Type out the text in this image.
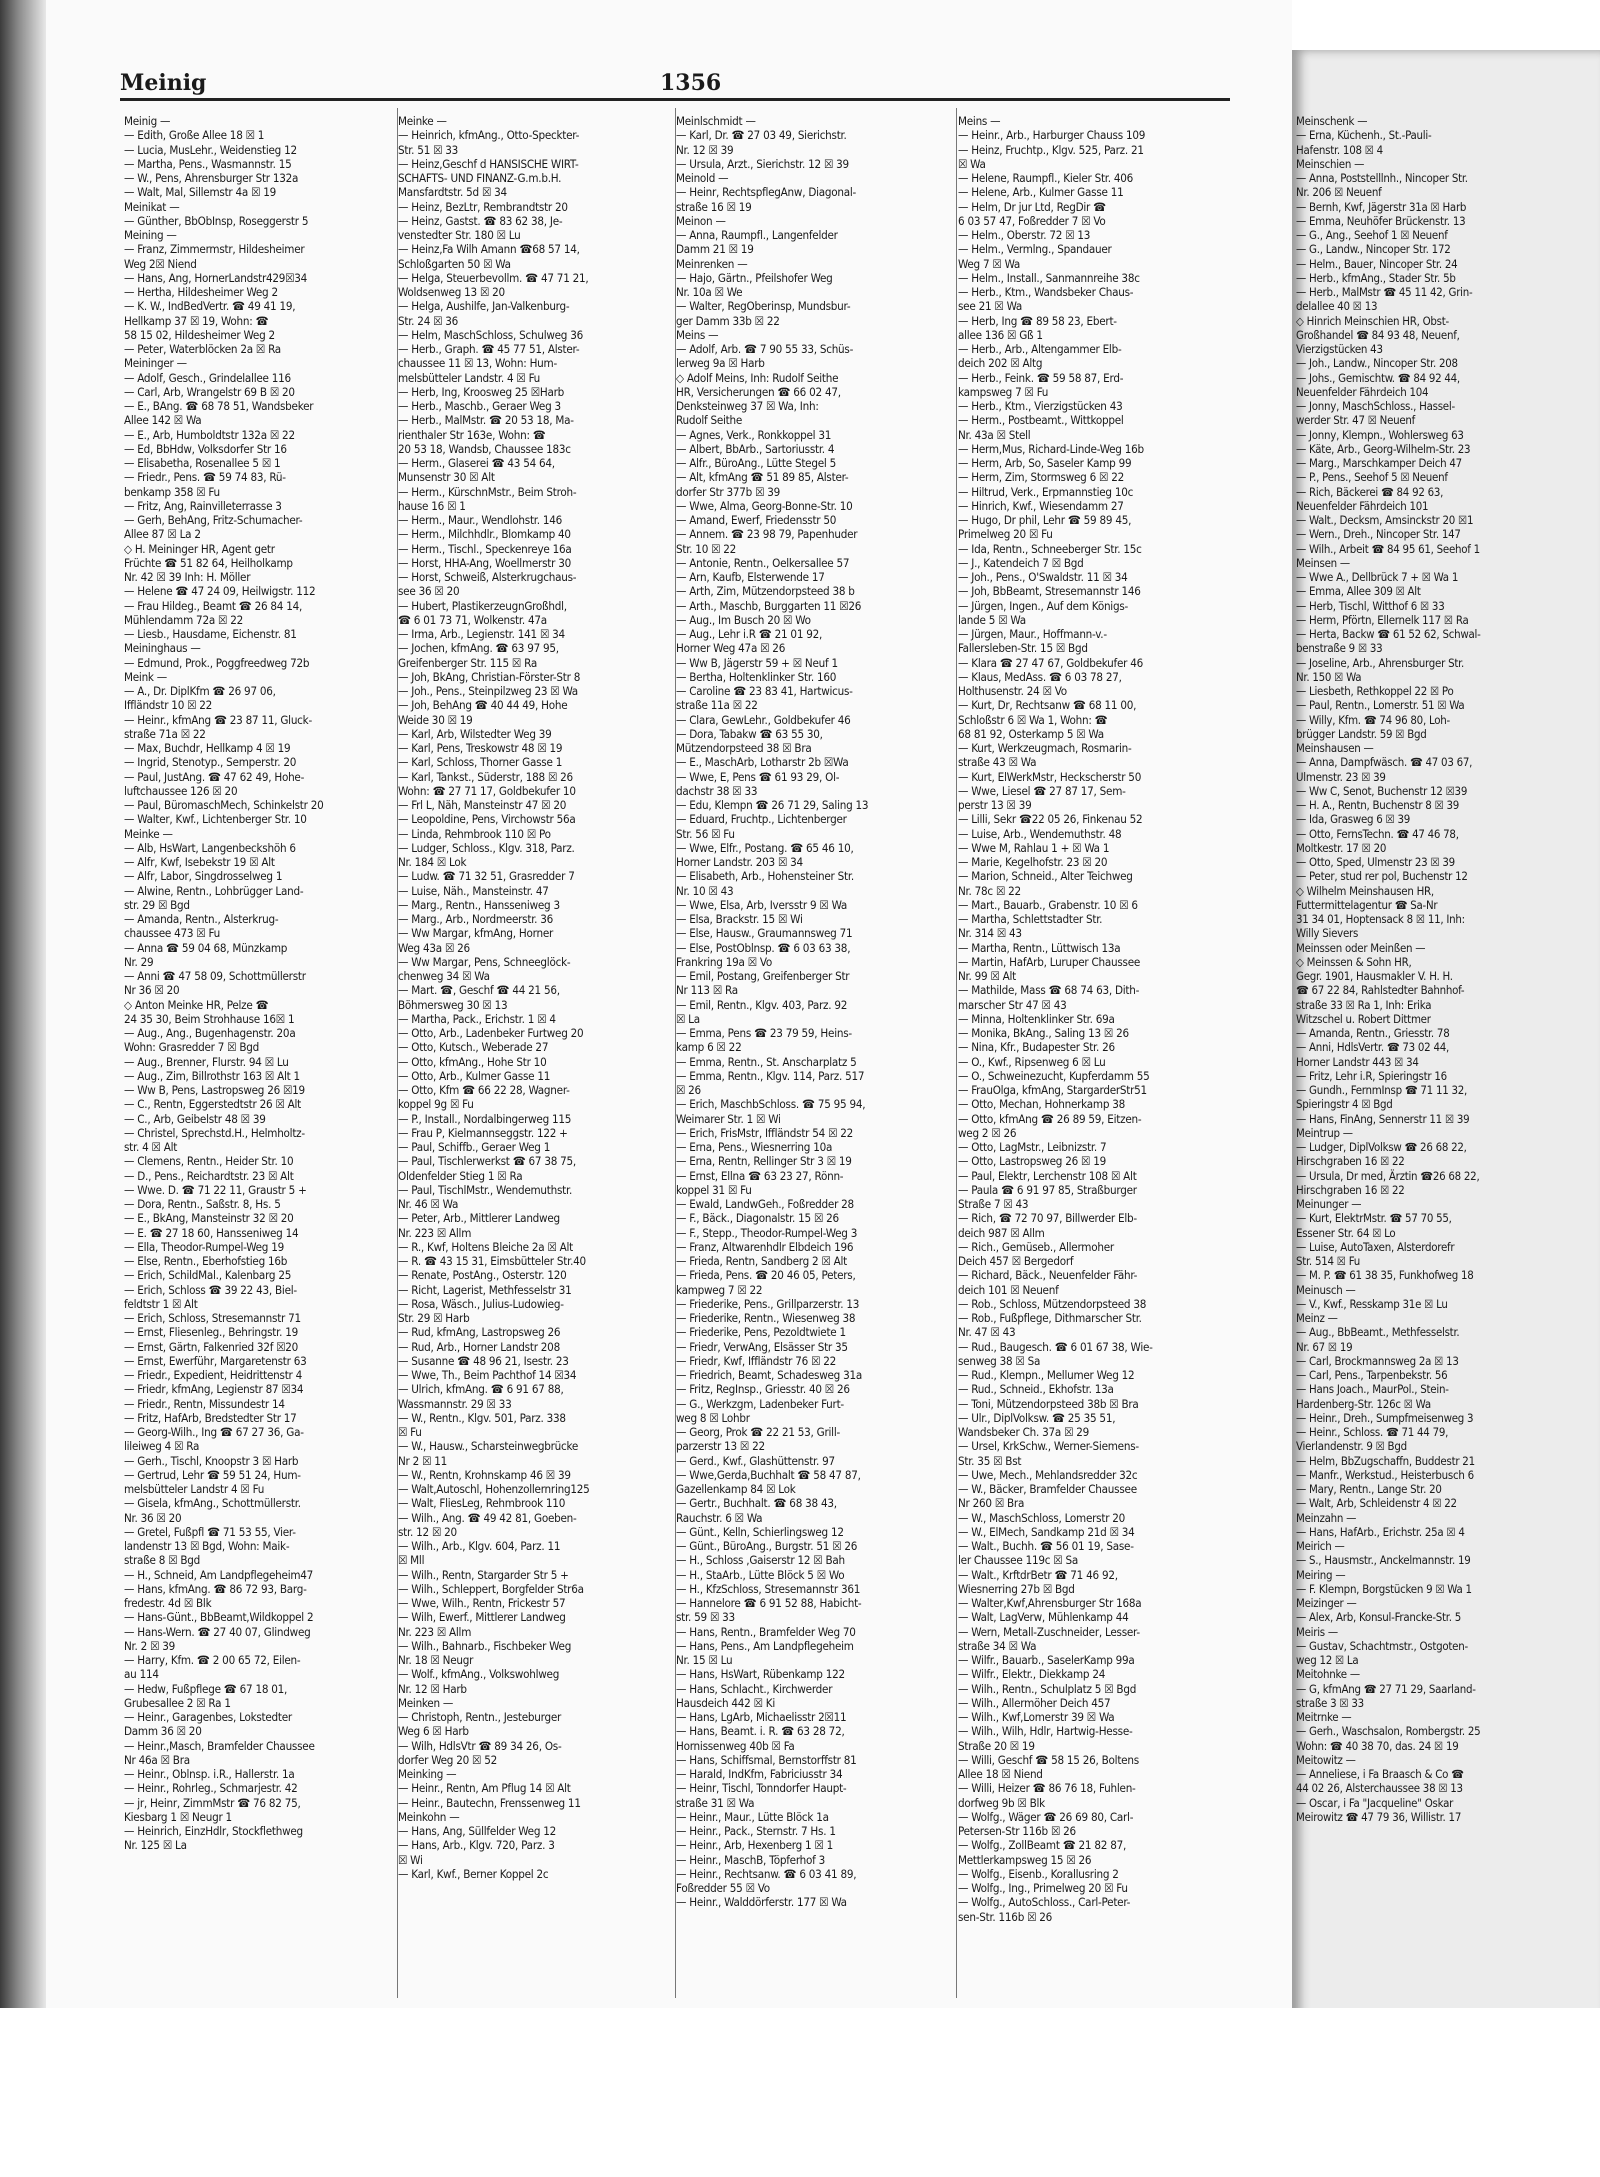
Meinig	1356
Meinig —
— Edith, Große Allee 18 ☒ 1
— Lucia, MusLehr., Weidenstieg 12
— Martha, Pens., Wasmannstr. 15
— W., Pens, Ahrensburger Str 132a
— Walt, Mal, Sillemstr 4a ☒ 19
Meinikat —
— Günther, BbObInsp, Roseggerstr 5
Meining —
— Franz, Zimmermstr, Hildesheimer
Weg 2☒ Niend
— Hans, Ang, HornerLandstr429☒34
— Hertha, Hildesheimer Weg 2
— K. W., IndBedVertr. ☎ 49 41 19,
Hellkamp 37 ☒ 19, Wohn: ☎
58 15 02, Hildesheimer Weg 2
— Peter, Waterblöcken 2a ☒ Ra
Meininger —
— Adolf, Gesch., Grindelallee 116
— Carl, Arb, Wrangelstr 69 B ☒ 20
— E., BAng. ☎ 68 78 51, Wandsbeker
Allee 142 ☒ Wa
— E., Arb, Humboldtstr 132a ☒ 22
— Ed, BbHdw, Volksdorfer Str 16
— Elisabetha, Rosenallee 5 ☒ 1
— Friedr., Pens. ☎ 59 74 83, Rü-
benkamp 358 ☒ Fu
— Fritz, Ang, Rainvilleterrasse 3
— Gerh, BehAng, Fritz-Schumacher-
Allee 87 ☒ La 2
◇ H. Meininger HR, Agent getr
Früchte ☎ 51 82 64, Heilholkamp
Nr. 42 ☒ 39 Inh: H. Möller
— Helene ☎ 47 24 09, Heilwigstr. 112
— Frau Hildeg., Beamt ☎ 26 84 14,
Mühlendamm 72a ☒ 22
— Liesb., Hausdame, Eichenstr. 81
Meininghaus —
— Edmund, Prok., Poggfreedweg 72b
Meink —
— A., Dr. DiplKfm ☎ 26 97 06,
Iffländstr 10 ☒ 22
— Heinr., kfmAng ☎ 23 87 11, Gluck-
straße 71a ☒ 22
— Max, Buchdr, Hellkamp 4 ☒ 19
— Ingrid, Stenotyp., Semperstr. 20
— Paul, JustAng. ☎ 47 62 49, Hohe-
luftchaussee 126 ☒ 20
— Paul, BüromaschMech, Schinkelstr 20
— Walter, Kwf., Lichtenberger Str. 10
Meinke —
— Alb, HsWart, Langenbeckshöh 6
— Alfr, Kwf, Isebekstr 19 ☒ Alt
— Alfr, Labor, Singdrosselweg 1
— Alwine, Rentn., Lohbrügger Land-
str. 29 ☒ Bgd
— Amanda, Rentn., Alsterkrug-
chaussee 473 ☒ Fu
— Anna ☎ 59 04 68, Münzkamp
Nr. 29
— Anni ☎ 47 58 09, Schottmüllerstr
Nr 36 ☒ 20
◇ Anton Meinke HR, Pelze ☎
24 35 30, Beim Strohhause 16☒ 1
— Aug., Ang., Bugenhagenstr. 20a
Wohn: Grasredder 7 ☒ Bgd
— Aug., Brenner, Flurstr. 94 ☒ Lu
— Aug., Zim, Billrothstr 163 ☒ Alt 1
— Ww B, Pens, Lastropsweg 26 ☒19
— C., Rentn, Eggerstedtstr 26 ☒ Alt
— C., Arb, Geibelstr 48 ☒ 39
— Christel, Sprechstd.H., Helmholtz-
str. 4 ☒ Alt
— Clemens, Rentn., Heider Str. 10
— D., Pens., Reichardtstr. 23 ☒ Alt
— Wwe. D. ☎ 71 22 11, Graustr 5 +
— Dora, Rentn., Saßstr. 8, Hs. 5
— E., BkAng, Mansteinstr 32 ☒ 20
— E. ☎ 27 18 60, Hansseniweg 14
— Ella, Theodor-Rumpel-Weg 19
— Else, Rentn., Eberhofstieg 16b
— Erich, SchildMal., Kalenbarg 25
— Erich, Schloss ☎ 39 22 43, Biel-
feldtstr 1 ☒ Alt
— Erich, Schloss, Stresemannstr 71
— Ernst, Fliesenleg., Behringstr. 19
— Ernst, Gärtn, Falkenried 32f ☒20
— Ernst, Ewerführ, Margaretenstr 63
— Friedr., Expedient, Heidrittenstr 4
— Friedr, kfmAng, Legienstr 87 ☒34
— Friedr., Rentn, Missundestr 14
— Fritz, HafArb, Bredstedter Str 17
— Georg-Wilh., Ing ☎ 67 27 36, Ga-
lileiweg 4 ☒ Ra
— Gerh., Tischl, Knoopstr 3 ☒ Harb
— Gertrud, Lehr ☎ 59 51 24, Hum-
melsbütteler Landstr 4 ☒ Fu
— Gisela, kfmAng., Schottmüllerstr.
Nr. 36 ☒ 20
— Gretel, Fußpfl ☎ 71 53 55, Vier-
landenstr 13 ☒ Bgd, Wohn: Maik-
straße 8 ☒ Bgd
— H., Schneid, Am Landpflegeheim47
— Hans, kfmAng. ☎ 86 72 93, Barg-
fredestr. 4d ☒ Blk
— Hans-Günt., BbBeamt,Wildkoppel 2
— Hans-Wern. ☎ 27 40 07, Glindweg
Nr. 2 ☒ 39
— Harry, Kfm. ☎ 2 00 65 72, Eilen-
au 114
— Hedw, Fußpflege ☎ 67 18 01,
Grubesallee 2 ☒ Ra 1
— Heinr., Garagenbes, Lokstedter
Damm 36 ☒ 20
— Heinr.,Masch, Bramfelder Chaussee
Nr 46a ☒ Bra
— Heinr., Oblnsp. i.R., Hallerstr. 1a
— Heinr., Rohrleg., Schmarjestr. 42
— jr, Heinr, ZimmMstr ☎ 76 82 75,
Kiesbarg 1 ☒ Neugr 1
— Heinrich, EinzHdlr, Stockflethweg
Nr. 125 ☒ La
Meinke —
— Heinrich, kfmAng., Otto-Speckter-
Str. 51 ☒ 33
— Heinz,Geschf d HANSISCHE WIRT-
SCHAFTS- UND FINANZ-G.m.b.H.
Mansfardtstr. 5d ☒ 34
— Heinz, BezLtr, Rembrandtstr 20
— Heinz, Gastst. ☎ 83 62 38, Je-
venstedter Str. 180 ☒ Lu
— Heinz,Fa Wilh Amann ☎68 57 14,
Schloßgarten 50 ☒ Wa
— Helga, Steuerbevollm. ☎ 47 71 21,
Woldsenweg 13 ☒ 20
— Helga, Aushilfe, Jan-Valkenburg-
Str. 24 ☒ 36
— Helm, MaschSchloss, Schulweg 36
— Herb., Graph. ☎ 45 77 51, Alster-
chaussee 11 ☒ 13, Wohn: Hum-
melsbütteler Landstr. 4 ☒ Fu
— Herb, Ing, Kroosweg 25 ☒Harb
— Herb., Maschb., Geraer Weg 3
— Herb., MalMstr. ☎ 20 53 18, Ma-
rienthaler Str 163e, Wohn: ☎
20 53 18, Wandsb, Chaussee 183c
— Herm., Glaserei ☎ 43 54 64,
Munsenstr 30 ☒ Alt
— Herm., KürschnMstr., Beim Stroh-
hause 16 ☒ 1
— Herm., Maur., Wendlohstr. 146
— Herm., Milchhdlr., Blomkamp 40
— Herm., Tischl., Speckenreye 16a
— Horst, HHA-Ang, Woellmerstr 30
— Horst, Schweiß, Alsterkrugchaus-
see 36 ☒ 20
— Hubert, PlastikerzeugnGroßhdl,
☎ 6 01 73 71, Wolkenstr. 47a
— Irma, Arb., Legienstr. 141 ☒ 34
— Jochen, kfmAng. ☎ 63 97 95,
Greifenberger Str. 115 ☒ Ra
— Joh, BkAng, Christian-Förster-Str 8
— Joh., Pens., Steinpilzweg 23 ☒ Wa
— Joh, BehAng ☎ 40 44 49, Hohe
Weide 30 ☒ 19
— Karl, Arb, Wilstedter Weg 39
— Karl, Pens, Treskowstr 48 ☒ 19
— Karl, Schloss, Thorner Gasse 1
— Karl, Tankst., Süderstr, 188 ☒ 26
Wohn: ☎ 27 71 17, Goldbekufer 10
— Frl L, Näh, Mansteinstr 47 ☒ 20
— Leopoldine, Pens, Virchowstr 56a
— Linda, Rehmbrook 110 ☒ Po
— Ludger, Schloss., Klgv. 318, Parz.
Nr. 184 ☒ Lok
— Ludw. ☎ 71 32 51, Grasredder 7
— Luise, Näh., Mansteinstr. 47
— Marg., Rentn., Hansseniweg 3
— Marg., Arb., Nordmeerstr. 36
— Ww Margar, kfmAng, Horner
Weg 43a ☒ 26
— Ww Margar, Pens, Schneeglöck-
chenweg 34 ☒ Wa
— Mart. ☎, Geschf ☎ 44 21 56,
Böhmersweg 30 ☒ 13
— Martha, Pack., Erichstr. 1 ☒ 4
— Otto, Arb., Ladenbeker Furtweg 20
— Otto, Kutsch., Weberade 27
— Otto, kfmAng., Hohe Str 10
— Otto, Arb., Kulmer Gasse 11
— Otto, Kfm ☎ 66 22 28, Wagner-
koppel 9g ☒ Fu
— P., Install., Nordalbingerweg 115
— Frau P, Kielmannseggstr. 122 +
— Paul, Schiffb., Geraer Weg 1
— Paul, Tischlerwerkst ☎ 67 38 75,
Oldenfelder Stieg 1 ☒ Ra
— Paul, TischlMstr., Wendemuthstr.
Nr. 46 ☒ Wa
— Peter, Arb., Mittlerer Landweg
Nr. 223 ☒ Allm
— R., Kwf, Holtens Bleiche 2a ☒ Alt
— R. ☎ 43 15 31, Eimsbütteler Str.40
— Renate, PostAng., Osterstr. 120
— Richt, Lagerist, Methfesselstr 31
— Rosa, Wäsch., Julius-Ludowieg-
Str. 29 ☒ Harb
— Rud, kfmAng, Lastropsweg 26
— Rud, Arb., Horner Landstr 208
— Susanne ☎ 48 96 21, Isestr. 23
— Wwe, Th., Beim Pachthof 14 ☒34
— Ulrich, kfmAng. ☎ 6 91 67 88,
Wassmannstr. 29 ☒ 33
— W., Rentn., Klgv. 501, Parz. 338
☒ Fu
— W., Hausw., Scharsteinwegbrücke
Nr 2 ☒ 11
— W., Rentn, Krohnskamp 46 ☒ 39
— Walt,Autoschl, Hohenzollernring125
— Walt, FliesLeg, Rehmbrook 110
— Wilh., Ang. ☎ 49 42 81, Goeben-
str. 12 ☒ 20
— Wilh., Arb., Klgv. 604, Parz. 11
☒ Mll
— Wilh., Rentn, Stargarder Str 5 +
— Wilh., Schleppert, Borgfelder Str6a
— Wwe, Wilh., Rentn, Frickestr 57
— Wilh, Ewerf., Mittlerer Landweg
Nr. 223 ☒ Allm
— Wilh., Bahnarb., Fischbeker Weg
Nr. 18 ☒ Neugr
— Wolf., kfmAng., Volkswohlweg
Nr. 12 ☒ Harb
Meinken —
— Christoph, Rentn., Jesteburger
Weg 6 ☒ Harb
— Wilh, HdlsVtr ☎ 89 34 26, Os-
dorfer Weg 20 ☒ 52
Meinking —
— Heinr., Rentn, Am Pflug 14 ☒ Alt
— Heinr., Bautechn, Frenssenweg 11
Meinkohn —
— Hans, Ang, Süllfelder Weg 12
— Hans, Arb., Klgv. 720, Parz. 3
☒ Wi
— Karl, Kwf., Berner Koppel 2c
Meinlschmidt —
— Karl, Dr. ☎ 27 03 49, Sierichstr.
Nr. 12 ☒ 39
— Ursula, Arzt., Sierichstr. 12 ☒ 39
Meinold —
— Heinr, RechtspflegAnw, Diagonal-
straße 16 ☒ 19
Meinon —
— Anna, Raumpfl., Langenfelder
Damm 21 ☒ 19
Meinrenken —
— Hajo, Gärtn., Pfeilshofer Weg
Nr. 10a ☒ We
— Walter, RegOberinsp, Mundsbur-
ger Damm 33b ☒ 22
Meins —
— Adolf, Arb. ☎ 7 90 55 33, Schüs-
lerweg 9a ☒ Harb
◇ Adolf Meins, Inh: Rudolf Seithe
HR, Versicherungen ☎ 66 02 47,
Denksteinweg 37 ☒ Wa, Inh:
Rudolf Seithe
— Agnes, Verk., Ronkkoppel 31
— Albert, BbArb., Sartoriusstr. 4
— Alfr., BüroAng., Lütte Stegel 5
— Alt, kfmAng ☎ 51 89 85, Alster-
dorfer Str 377b ☒ 39
— Wwe, Alma, Georg-Bonne-Str. 10
— Amand, Ewerf, Friedensstr 50
— Annem. ☎ 23 98 79, Papenhuder
Str. 10 ☒ 22
— Antonie, Rentn., Oelkersallee 57
— Arn, Kaufb, Elsterwende 17
— Arth, Zim, Mützendorpsteed 38 b
— Arth., Maschb, Burggarten 11 ☒26
— Aug., Im Busch 20 ☒ Wo
— Aug., Lehr i.R ☎ 21 01 92,
Horner Weg 47a ☒ 26
— Ww B, Jägerstr 59 + ☒ Neuf 1
— Bertha, Holtenklinker Str. 160
— Caroline ☎ 23 83 41, Hartwicus-
straße 11a ☒ 22
— Clara, GewLehr., Goldbekufer 46
— Dora, Tabakw ☎ 63 55 30,
Mützendorpsteed 38 ☒ Bra
— E., MaschArb, Lotharstr 2b ☒Wa
— Wwe, E, Pens ☎ 61 93 29, Ol-
dachstr 38 ☒ 33
— Edu, Klempn ☎ 26 71 29, Saling 13
— Eduard, Fruchtp., Lichtenberger
Str. 56 ☒ Fu
— Wwe, Elfr., Postang. ☎ 65 46 10,
Horner Landstr. 203 ☒ 34
— Elisabeth, Arb., Hohensteiner Str.
Nr. 10 ☒ 43
— Wwe, Elsa, Arb, Iversstr 9 ☒ Wa
— Elsa, Brackstr. 15 ☒ Wi
— Else, Hausw., Graumannsweg 71
— Else, PostOblnsp. ☎ 6 03 63 38,
Frankring 19a ☒ Vo
— Emil, Postang, Greifenberger Str
Nr 113 ☒ Ra
— Emil, Rentn., Klgv. 403, Parz. 92
☒ La
— Emma, Pens ☎ 23 79 59, Heins-
kamp 6 ☒ 22
— Emma, Rentn., St. Anscharplatz 5
— Emma, Rentn., Klgv. 114, Parz. 517
☒ 26
— Erich, MaschbSchloss. ☎ 75 95 94,
Weimarer Str. 1 ☒ Wi
— Erich, FrisMstr, Iffländstr 54 ☒ 22
— Erna, Pens., Wiesnerring 10a
— Erna, Rentn, Rellinger Str 3 ☒ 19
— Ernst, Ellna ☎ 63 23 27, Rönn-
koppel 31 ☒ Fu
— Ewald, LandwGeh., Foßredder 28
— F., Bäck., Diagonalstr. 15 ☒ 26
— F., Stepp., Theodor-Rumpel-Weg 3
— Franz, Altwarenhdlr Elbdeich 196
— Frieda, Rentn, Sandberg 2 ☒ Alt
— Frieda, Pens. ☎ 20 46 05, Peters,
kampweg 7 ☒ 22
— Friederike, Pens., Grillparzerstr. 13
— Friederike, Rentn., Wiesenweg 38
— Friederike, Pens, Pezoldtwiete 1
— Friedr, VerwAng, Elsässer Str 35
— Friedr, Kwf, Iffländstr 76 ☒ 22
— Friedrich, Beamt, Schadesweg 31a
— Fritz, RegInsp., Griesstr. 40 ☒ 26
— G., Werkzgm, Ladenbeker Furt-
weg 8 ☒ Lohbr
— Georg, Prok ☎ 22 21 53, Grill-
parzerstr 13 ☒ 22
— Gerd., Kwf., Glashüttenstr. 97
— Wwe,Gerda,Buchhalt ☎ 58 47 87,
Gazellenkamp 84 ☒ Lok
— Gertr., Buchhalt. ☎ 68 38 43,
Rauchstr. 6 ☒ Wa
— Günt., Kelln, Schierlingsweg 12
— Günt., BüroAng., Burgstr. 51 ☒ 26
— H., Schloss ,Gaiserstr 12 ☒ Bah
— H., StaArb., Lütte Blöck 5 ☒ Wo
— H., KfzSchloss, Stresemannstr 361
— Hannelore ☎ 6 91 52 88, Habicht-
str. 59 ☒ 33
— Hans, Rentn., Bramfelder Weg 70
— Hans, Pens., Am Landpflegeheim
Nr. 15 ☒ Lu
— Hans, HsWart, Rübenkamp 122
— Hans, Schlacht., Kirchwerder
Hausdeich 442 ☒ Ki
— Hans, LgArb, Michaelisstr 2☒11
— Hans, Beamt. i. R. ☎ 63 28 72,
Hornissenweg 40b ☒ Fa
— Hans, Schiffsmal, Bernstorffstr 81
— Harald, IndKfm, Fabriciusstr 34
— Heinr, Tischl, Tonndorfer Haupt-
straße 31 ☒ Wa
— Heinr., Maur., Lütte Blöck 1a
— Heinr., Pack., Sternstr. 7 Hs. 1
— Heinr., Arb, Hexenberg 1 ☒ 1
— Heinr., MaschB, Töpferhof 3
— Heinr., Rechtsanw. ☎ 6 03 41 89,
Foßredder 55 ☒ Vo
— Heinr., Walddörferstr. 177 ☒ Wa
Meins —
— Heinr., Arb., Harburger Chauss 109
— Heinz, Fruchtp., Klgv. 525, Parz. 21
☒ Wa
— Helene, Raumpfl., Kieler Str. 406
— Helene, Arb., Kulmer Gasse 11
— Helm, Dr jur Ltd, RegDir ☎
6 03 57 47, Foßredder 7 ☒ Vo
— Helm., Oberstr. 72 ☒ 13
— Helm., Vermlng., Spandauer
Weg 7 ☒ Wa
— Helm., Install., Sanmannreihe 38c
— Herb., Ktm., Wandsbeker Chaus-
see 21 ☒ Wa
— Herb, Ing ☎ 89 58 23, Ebert-
allee 136 ☒ Gß 1
— Herb., Arb., Altengammer Elb-
deich 202 ☒ Altg
— Herb., Feink. ☎ 59 58 87, Erd-
kampsweg 7 ☒ Fu
— Herb., Ktm., Vierzigstücken 43
— Herm., Postbeamt., Wittkoppel
Nr. 43a ☒ Stell
— Herm,Mus, Richard-Linde-Weg 16b
— Herm, Arb, So, Saseler Kamp 99
— Herm, Zim, Stormsweg 6 ☒ 22
— Hiltrud, Verk., Erpmannstieg 10c
— Hinrich, Kwf., Wiesendamm 27
— Hugo, Dr phil, Lehr ☎ 59 89 45,
Primelweg 20 ☒ Fu
— Ida, Rentn., Schneeberger Str. 15c
— J., Katendeich 7 ☒ Bgd
— Joh., Pens., O'Swaldstr. 11 ☒ 34
— Joh, BbBeamt, Stresemannstr 146
— Jürgen, Ingen., Auf dem Königs-
lande 5 ☒ Wa
— Jürgen, Maur., Hoffmann-v.-
Fallersleben-Str. 15 ☒ Bgd
— Klara ☎ 27 47 67, Goldbekufer 46
— Klaus, MedAss. ☎ 6 03 78 27,
Holthusenstr. 24 ☒ Vo
— Kurt, Dr, Rechtsanw ☎ 68 11 00,
Schloßstr 6 ☒ Wa 1, Wohn: ☎
68 81 92, Osterkamp 5 ☒ Wa
— Kurt, Werkzeugmach, Rosmarin-
straße 43 ☒ Wa
— Kurt, ElWerkMstr, Heckscherstr 50
— Wwe, Liesel ☎ 27 87 17, Sem-
perstr 13 ☒ 39
— Lilli, Sekr ☎22 05 26, Finkenau 52
— Luise, Arb., Wendemuthstr. 48
— Wwe M, Rahlau 1 + ☒ Wa 1
— Marie, Kegelhofstr. 23 ☒ 20
— Marion, Schneid., Alter Teichweg
Nr. 78c ☒ 22
— Mart., Bauarb., Grabenstr. 10 ☒ 6
— Martha, Schlettstadter Str.
Nr. 314 ☒ 43
— Martha, Rentn., Lüttwisch 13a
— Martin, HafArb, Luruper Chaussee
Nr. 99 ☒ Alt
— Mathilde, Mass ☎ 68 74 63, Dith-
marscher Str 47 ☒ 43
— Minna, Holtenklinker Str. 69a
— Monika, BkAng., Saling 13 ☒ 26
— Nina, Kfr., Budapester Str. 26
— O., Kwf., Ripsenweg 6 ☒ Lu
— O., Schweinezucht, Kupferdamm 55
— FrauOlga, kfmAng, StargarderStr51
— Otto, Mechan, Hohnerkamp 38
— Otto, kfmAng ☎ 26 89 59, Eitzen-
weg 2 ☒ 26
— Otto, LagMstr., Leibnizstr. 7
— Otto, Lastropsweg 26 ☒ 19
— Paul, Elektr, Lerchenstr 108 ☒ Alt
— Paula ☎ 6 91 97 85, Straßburger
Straße 7 ☒ 43
— Rich, ☎ 72 70 97, Billwerder Elb-
deich 987 ☒ Allm
— Rich., Gemüseb., Allermoher
Deich 457 ☒ Bergedorf
— Richard, Bäck., Neuenfelder Fähr-
deich 101 ☒ Neuenf
— Rob., Schloss, Mützendorpsteed 38
— Rob., Fußpflege, Dithmarscher Str.
Nr. 47 ☒ 43
— Rud., Baugesch. ☎ 6 01 67 38, Wie-
senweg 38 ☒ Sa
— Rud., Klempn., Mellumer Weg 12
— Rud., Schneid., Ekhofstr. 13a
— Toni, Mützendorpsteed 38b ☒ Bra
— Ulr., DiplVolksw. ☎ 25 35 51,
Wandsbeker Ch. 37a ☒ 29
— Ursel, KrkSchw., Werner-Siemens-
Str. 35 ☒ Bst
— Uwe, Mech., Mehlandsredder 32c
— W., Bäcker, Bramfelder Chaussee
Nr 260 ☒ Bra
— W., MaschSchloss, Lomerstr 20
— W., ElMech, Sandkamp 21d ☒ 34
— Walt., Buchh. ☎ 56 01 19, Sase-
ler Chaussee 119c ☒ Sa
— Walt., KrftdrBetr ☎ 71 46 92,
Wiesnerring 27b ☒ Bgd
— Walter,Kwf,Ahrensburger Str 168a
— Walt, LagVerw, Mühlenkamp 44
— Wern, Metall-Zuschneider, Lesser-
straße 34 ☒ Wa
— Wilfr., Bauarb., SaselerKamp 99a
— Wilfr., Elektr., Diekkamp 24
— Wilh., Rentn., Schulplatz 5 ☒ Bgd
— Wilh., Allermöher Deich 457
— Wilh., Kwf,Lomerstr 39 ☒ Wa
— Wilh., Wilh, Hdlr, Hartwig-Hesse-
Straße 20 ☒ 19
— Willi, Geschf ☎ 58 15 26, Boltens
Allee 18 ☒ Niend
— Willi, Heizer ☎ 86 76 18, Fuhlen-
dorfweg 9b ☒ Blk
— Wolfg., Wäger ☎ 26 69 80, Carl-
Petersen-Str 116b ☒ 26
— Wolfg., ZollBeamt ☎ 21 82 87,
Mettlerkampsweg 15 ☒ 26
— Wolfg., Eisenb., Korallusring 2
— Wolfg., Ing., Primelweg 20 ☒ Fu
— Wolfg., AutoSchloss., Carl-Peter-
sen-Str. 116b ☒ 26
Meinschenk —
— Erna, Küchenh., St.-Pauli-
Hafenstr. 108 ☒ 4
Meinschien —
— Anna, Poststelllnh., Nincoper Str.
Nr. 206 ☒ Neuenf
— Bernh, Kwf, Jägerstr 31a ☒ Harb
— Emma, Neuhöfer Brückenstr. 13
— G., Ang., Seehof 1 ☒ Neuenf
— G., Landw., Nincoper Str. 172
— Helm., Bauer, Nincoper Str. 24
— Herb., kfmAng., Stader Str. 5b
— Herb., MalMstr ☎ 45 11 42, Grin-
delallee 40 ☒ 13
◇ Hinrich Meinschien HR, Obst-
Großhandel ☎ 84 93 48, Neuenf,
Vierzigstücken 43
— Joh., Landw., Nincoper Str. 208
— Johs., Gemischtw. ☎ 84 92 44,
Neuenfelder Fährdeich 104
— Jonny, MaschSchloss., Hassel-
werder Str. 47 ☒ Neuenf
— Jonny, Klempn., Wohlersweg 63
— Käte, Arb., Georg-Wilhelm-Str. 23
— Marg., Marschkamper Deich 47
— P., Pens., Seehof 5 ☒ Neuenf
— Rich, Bäckerei ☎ 84 92 63,
Neuenfelder Fährdeich 101
— Walt., Decksm, Amsinckstr 20 ☒1
— Wern., Dreh., Nincoper Str. 147
— Wilh., Arbeit ☎ 84 95 61, Seehof 1
Meinsen —
— Wwe A., Dellbrück 7 + ☒ Wa 1
— Emma, Allee 309 ☒ Alt
— Herb, Tischl, Witthof 6 ☒ 33
— Herm, Pförtn, Ellernelk 117 ☒ Ra
— Herta, Backw ☎ 61 52 62, Schwal-
benstraße 9 ☒ 33
— Joseline, Arb., Ahrensburger Str.
Nr. 150 ☒ Wa
— Liesbeth, Rethkoppel 22 ☒ Po
— Paul, Rentn., Lomerstr. 51 ☒ Wa
— Willy, Kfm. ☎ 74 96 80, Loh-
brügger Landstr. 59 ☒ Bgd
Meinshausen —
— Anna, Dampfwäsch. ☎ 47 03 67,
Ulmenstr. 23 ☒ 39
— Ww C, Senot, Buchenstr 12 ☒39
— H. A., Rentn, Buchenstr 8 ☒ 39
— Ida, Grasweg 6 ☒ 39
— Otto, FernsTechn. ☎ 47 46 78,
Moltkestr. 17 ☒ 20
— Otto, Sped, Ulmenstr 23 ☒ 39
— Peter, stud rer pol, Buchenstr 12
◇ Wilhelm Meinshausen HR,
Futtermittelagentur ☎ Sa-Nr
31 34 01, Hoptensack 8 ☒ 11, Inh:
Willy Sievers
Meinssen oder Meinßen —
◇ Meinssen & Sohn HR,
Gegr. 1901, Hausmakler V. H. H.
☎ 67 22 84, Rahlstedter Bahnhof-
straße 33 ☒ Ra 1, Inh: Erika
Witzschel u. Robert Dittmer
— Amanda, Rentn., Griesstr. 78
— Anni, HdlsVertr. ☎ 73 02 44,
Horner Landstr 443 ☒ 34
— Fritz, Lehr i.R, Spieringstr 16
— Gundh., FernmInsp ☎ 71 11 32,
Spieringstr 4 ☒ Bgd
— Hans, FinAng, Sennerstr 11 ☒ 39
Meintrup —
— Ludger, DiplVolksw ☎ 26 68 22,
Hirschgraben 16 ☒ 22
— Ursula, Dr med, Ärztin ☎26 68 22,
Hirschgraben 16 ☒ 22
Meinunger —
— Kurt, ElektrMstr. ☎ 57 70 55,
Essener Str. 64 ☒ Lo
— Luise, AutoTaxen, Alsterdorefr
Str. 514 ☒ Fu
— M. P. ☎ 61 38 35, Funkhofweg 18
Meinusch —
— V., Kwf., Resskamp 31e ☒ Lu
Meinz —
— Aug., BbBeamt., Methfesselstr.
Nr. 67 ☒ 19
— Carl, Brockmannsweg 2a ☒ 13
— Carl, Pens., Tarpenbekstr. 56
— Hans Joach., MaurPol., Stein-
Hardenberg-Str. 126c ☒ Wa
— Heinr., Dreh., Sumpfmeisenweg 3
— Heinr., Schloss. ☎ 71 44 79,
Vierlandenstr. 9 ☒ Bgd
— Helm, BbZugschaffn, Buddestr 21
— Manfr., Werkstud., Heisterbusch 6
— Mary, Rentn., Lange Str. 20
— Walt, Arb, Schleidenstr 4 ☒ 22
Meinzahn —
— Hans, HafArb., Erichstr. 25a ☒ 4
Meirich —
— S., Hausmstr., Anckelmannstr. 19
Meiring —
— F. Klempn, Borgstücken 9 ☒ Wa 1
Meizinger —
— Alex, Arb, Konsul-Francke-Str. 5
Meiris —
— Gustav, Schachtmstr., Ostgoten-
weg 12 ☒ La
Meitohnke —
— G, kfmAng ☎ 27 71 29, Saarland-
straße 3 ☒ 33
Meitrnke —
— Gerh., Waschsalon, Rombergstr. 25
Wohn: ☎ 40 38 70, das. 24 ☒ 19
Meitowitz —
— Anneliese, i Fa Braasch & Co ☎
44 02 26, Alsterchaussee 38 ☒ 13
— Oscar, i Fa "Jacqueline" Oskar
Meirowitz ☎ 47 79 36, Willistr. 17
